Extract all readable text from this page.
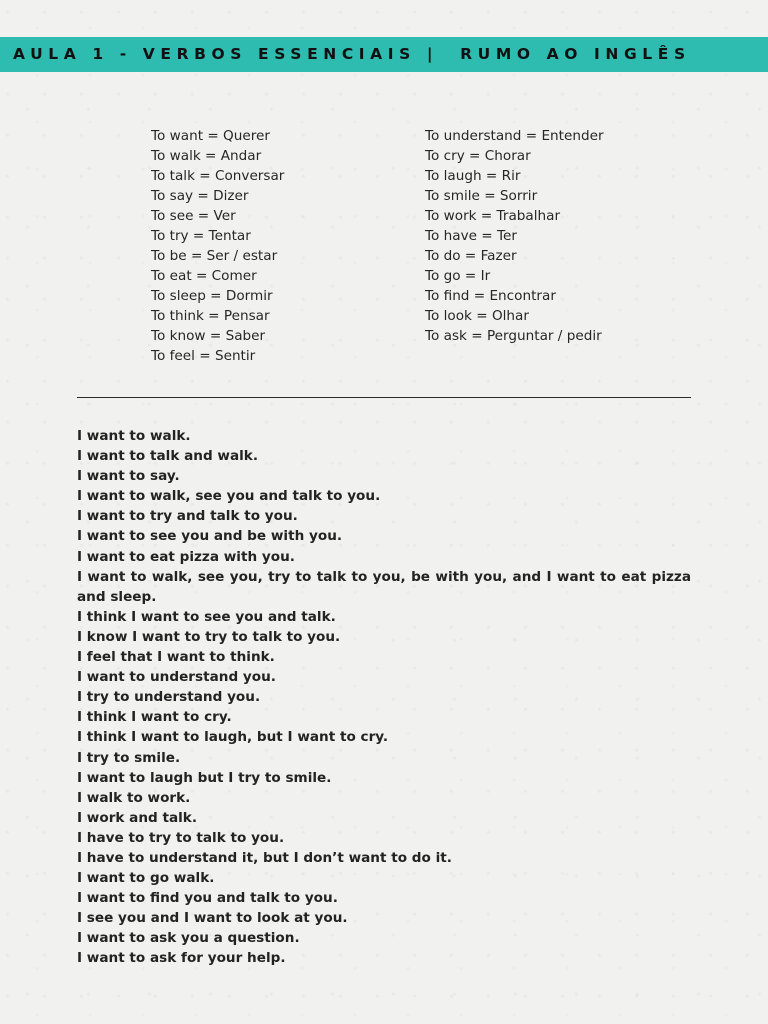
AULA 1 - VERBOS ESSENCIAIS |  RUMO AO INGLÊS
To want = Querer
To walk = Andar
To talk = Conversar
To say = Dizer
To see = Ver
To try = Tentar
To be = Ser / estar
To eat = Comer
To sleep = Dormir
To think = Pensar
To know = Saber
To feel = Sentir
To understand = Entender
To cry = Chorar
To laugh = Rir
To smile = Sorrir
To work = Trabalhar
To have = Ter
To do = Fazer
To go = Ir
To find = Encontrar
To look = Olhar
To ask = Perguntar / pedir
I want to walk.
I want to talk and walk.
I want to say.
I want to walk, see you and talk to you.
I want to try and talk to you.
I want to see you and be with you.
I want to eat pizza with you.
I want to walk, see you, try to talk to you, be with you, and I want to eat pizza and sleep.
I think I want to see you and talk.
I know I want to try to talk to you.
I feel that I want to think.
I want to understand you.
I try to understand you.
I think I want to cry.
I think I want to laugh, but I want to cry.
I try to smile.
I want to laugh but I try to smile.
I walk to work.
I work and talk.
I have to try to talk to you.
I have to understand it, but I don’t want to do it.
I want to go walk.
I want to find you and talk to you.
I see you and I want to look at you.
I want to ask you a question.
I want to ask for your help.
